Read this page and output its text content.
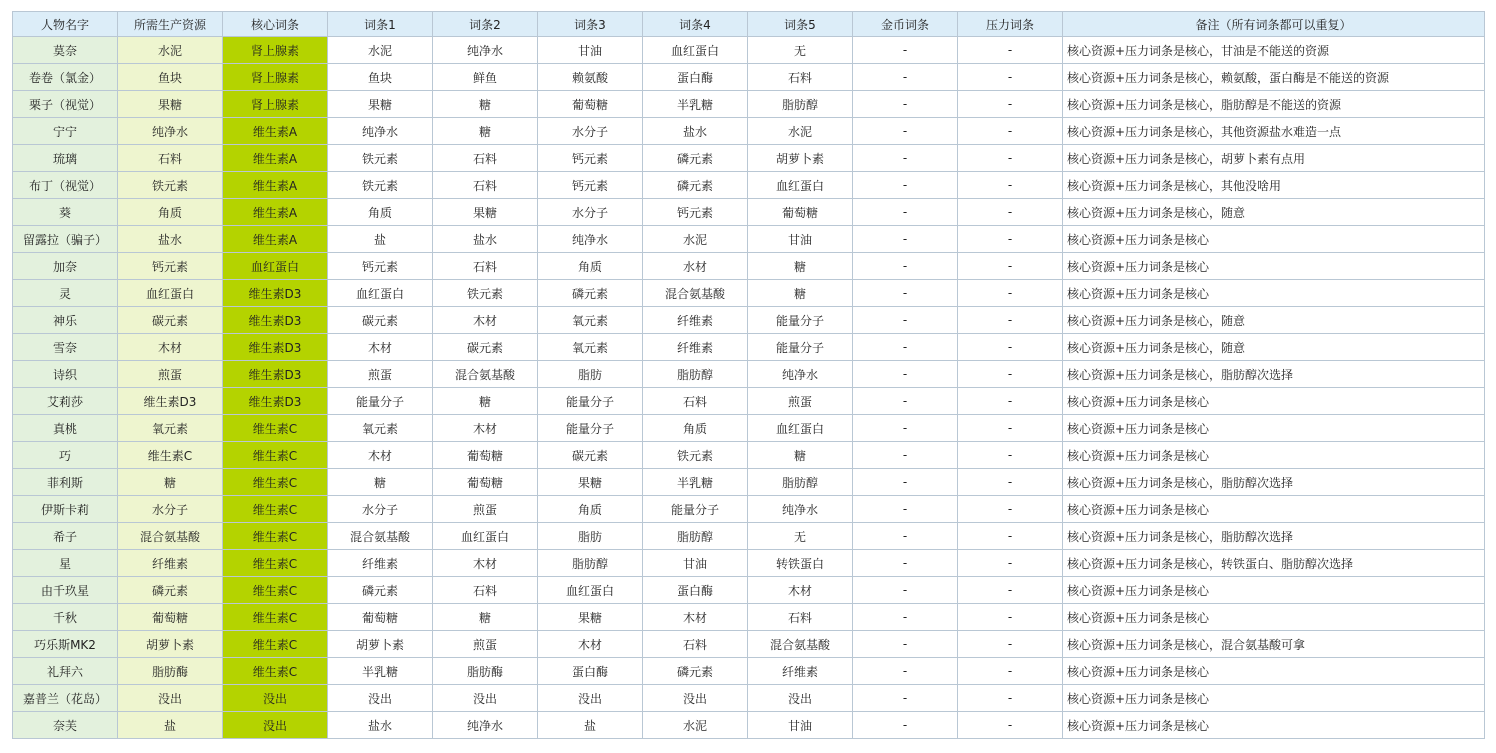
人物名字	所需生产资源	核心词条	词条1	词条2	词条3	词条4	词条5	金币词条	压力词条	备注（所有词条都可以重复）
莫奈	水泥	肾上腺素	水泥	纯净水	甘油	血红蛋白	无	-	-	核心资源+压力词条是核心，甘油是不能送的资源
卷卷（氯金）	鱼块	肾上腺素	鱼块	鲜鱼	赖氨酸	蛋白酶	石料	-	-	核心资源+压力词条是核心，赖氨酸，蛋白酶是不能送的资源
栗子（视觉）	果糖	肾上腺素	果糖	糖	葡萄糖	半乳糖	脂肪醇	-	-	核心资源+压力词条是核心，脂肪醇是不能送的资源
宁宁	纯净水	维生素A	纯净水	糖	水分子	盐水	水泥	-	-	核心资源+压力词条是核心，其他资源盐水难造一点
琉璃	石料	维生素A	铁元素	石料	钙元素	磷元素	胡萝卜素	-	-	核心资源+压力词条是核心，胡萝卜素有点用
布丁（视觉）	铁元素	维生素A	铁元素	石料	钙元素	磷元素	血红蛋白	-	-	核心资源+压力词条是核心，其他没啥用
葵	角质	维生素A	角质	果糖	水分子	钙元素	葡萄糖	-	-	核心资源+压力词条是核心，随意
留露拉（骗子）	盐水	维生素A	盐	盐水	纯净水	水泥	甘油	-	-	核心资源+压力词条是核心
加奈	钙元素	血红蛋白	钙元素	石料	角质	水材	糖	-	-	核心资源+压力词条是核心
灵	血红蛋白	维生素D3	血红蛋白	铁元素	磷元素	混合氨基酸	糖	-	-	核心资源+压力词条是核心
神乐	碳元素	维生素D3	碳元素	木材	氧元素	纤维素	能量分子	-	-	核心资源+压力词条是核心，随意
雪奈	木材	维生素D3	木材	碳元素	氧元素	纤维素	能量分子	-	-	核心资源+压力词条是核心，随意
诗织	煎蛋	维生素D3	煎蛋	混合氨基酸	脂肪	脂肪醇	纯净水	-	-	核心资源+压力词条是核心，脂肪醇次选择
艾莉莎	维生素D3	维生素D3	能量分子	糖	能量分子	石料	煎蛋	-	-	核心资源+压力词条是核心
真桃	氧元素	维生素C	氧元素	木材	能量分子	角质	血红蛋白	-	-	核心资源+压力词条是核心
巧	维生素C	维生素C	木材	葡萄糖	碳元素	铁元素	糖	-	-	核心资源+压力词条是核心
菲利斯	糖	维生素C	糖	葡萄糖	果糖	半乳糖	脂肪醇	-	-	核心资源+压力词条是核心，脂肪醇次选择
伊斯卡莉	水分子	维生素C	水分子	煎蛋	角质	能量分子	纯净水	-	-	核心资源+压力词条是核心
希子	混合氨基酸	维生素C	混合氨基酸	血红蛋白	脂肪	脂肪醇	无	-	-	核心资源+压力词条是核心，脂肪醇次选择
星	纤维素	维生素C	纤维素	木材	脂肪醇	甘油	转铁蛋白	-	-	核心资源+压力词条是核心，转铁蛋白、脂肪醇次选择
由千玖星	磷元素	维生素C	磷元素	石料	血红蛋白	蛋白酶	木材	-	-	核心资源+压力词条是核心
千秋	葡萄糖	维生素C	葡萄糖	糖	果糖	木材	石料	-	-	核心资源+压力词条是核心
巧乐斯MK2	胡萝卜素	维生素C	胡萝卜素	煎蛋	木材	石料	混合氨基酸	-	-	核心资源+压力词条是核心，混合氨基酸可拿
礼拜六	脂肪酶	维生素C	半乳糖	脂肪酶	蛋白酶	磷元素	纤维素	-	-	核心资源+压力词条是核心
嘉普兰（花岛）	没出	没出	没出	没出	没出	没出	没出	-	-	核心资源+压力词条是核心
奈芙	盐	没出	盐水	纯净水	盐	水泥	甘油	-	-	核心资源+压力词条是核心
